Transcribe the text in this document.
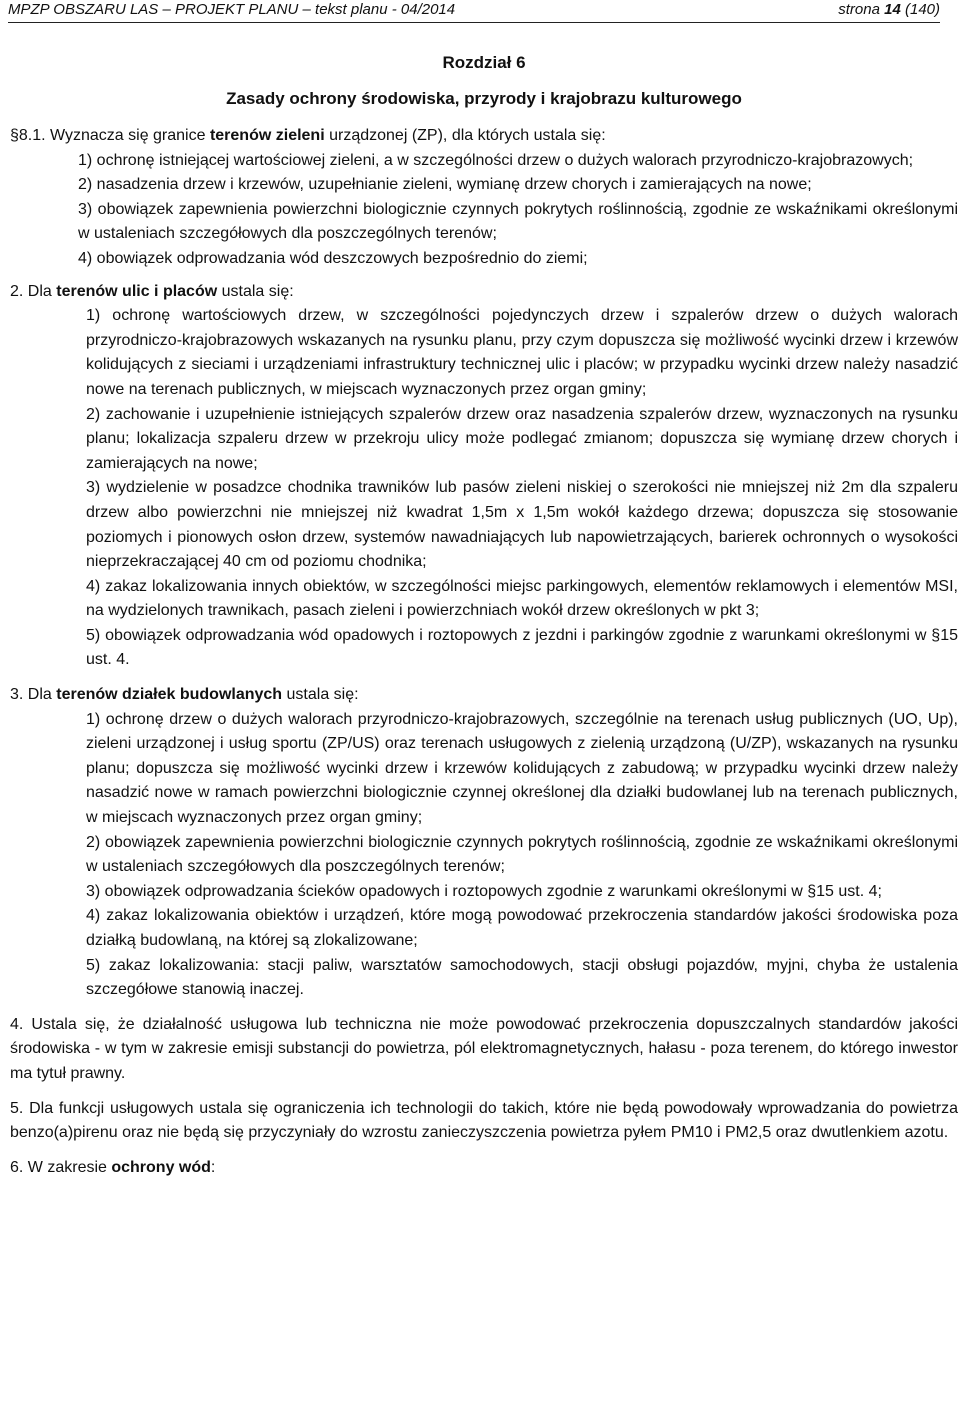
MPZP OBSZARU LAS – PROJEKT PLANU – tekst planu - 04/2014	strona 14 (140)
Rozdział 6
Zasady ochrony środowiska, przyrody i krajobrazu kulturowego

§8.1. Wyznacza się granice terenów zieleni urządzonej (ZP), dla których ustala się:

1) ochronę istniejącej wartościowej zieleni, a w szczególności drzew o dużych walorach przyrodniczo-krajobrazowych;
2) nasadzenia drzew i krzewów, uzupełnianie zieleni, wymianę drzew chorych i zamierających na nowe;
3) obowiązek zapewnienia powierzchni biologicznie czynnych pokrytych roślinnością, zgodnie ze wskaźnikami określonymi w ustaleniach szczegółowych dla poszczególnych terenów;
4) obowiązek odprowadzania wód deszczowych bezpośrednio do ziemi;

2. Dla terenów ulic i placów ustala się:

1) ochronę wartościowych drzew, w szczególności pojedynczych drzew i szpalerów drzew o dużych walorach przyrodniczo-krajobrazowych wskazanych na rysunku planu, przy czym dopuszcza się możliwość wycinki drzew i krzewów kolidujących z sieciami i urządzeniami infrastruktury technicznej ulic i placów; w przypadku wycinki drzew należy nasadzić nowe na terenach publicznych, w miejscach wyznaczonych przez organ gminy;
2) zachowanie i uzupełnienie istniejących szpalerów drzew oraz nasadzenia szpalerów drzew, wyznaczonych na rysunku planu; lokalizacja szpaleru drzew w przekroju ulicy może podlegać zmianom; dopuszcza się wymianę drzew chorych i zamierających na nowe;
3) wydzielenie w posadzce chodnika trawników lub pasów zieleni niskiej o szerokości nie mniejszej niż 2m dla szpaleru drzew albo powierzchni nie mniejszej niż kwadrat 1,5m x 1,5m wokół każdego drzewa; dopuszcza się stosowanie poziomych i pionowych osłon drzew, systemów nawadniających lub napowietrzających, barierek ochronnych o wysokości nieprzekraczającej 40 cm od poziomu chodnika;
4) zakaz lokalizowania innych obiektów, w szczególności miejsc parkingowych, elementów reklamowych i elementów MSI, na wydzielonych trawnikach, pasach zieleni i powierzchniach wokół drzew określonych w pkt 3;
5) obowiązek odprowadzania wód opadowych i roztopowych z jezdni i parkingów zgodnie z warunkami określonymi w §15 ust. 4.

3. Dla terenów działek budowlanych ustala się:

1) ochronę drzew o dużych walorach przyrodniczo-krajobrazowych, szczególnie na terenach usług publicznych (UO, Up), zieleni urządzonej i usług sportu (ZP/US) oraz terenach usługowych z zielenią urządzoną (U/ZP), wskazanych na rysunku planu; dopuszcza się możliwość wycinki drzew i krzewów kolidujących z zabudową; w przypadku wycinki drzew należy nasadzić nowe w ramach powierzchni biologicznie czynnej określonej dla działki budowlanej lub na terenach publicznych, w miejscach wyznaczonych przez organ gminy;
2) obowiązek zapewnienia powierzchni biologicznie czynnych pokrytych roślinnością, zgodnie ze wskaźnikami określonymi w ustaleniach szczegółowych dla poszczególnych terenów;
3) obowiązek odprowadzania ścieków opadowych i roztopowych zgodnie z warunkami określonymi w §15 ust. 4;
4) zakaz lokalizowania obiektów i urządzeń, które mogą powodować przekroczenia standardów jakości środowiska poza działką budowlaną, na której są zlokalizowane;
5) zakaz lokalizowania: stacji paliw, warsztatów samochodowych, stacji obsługi pojazdów, myjni, chyba że ustalenia szczegółowe stanowią inaczej.

4. Ustala się, że działalność usługowa lub techniczna nie może powodować przekroczenia dopuszczalnych standardów jakości środowiska - w tym w zakresie emisji substancji do powietrza, pól elektromagnetycznych, hałasu - poza terenem, do którego inwestor ma tytuł prawny.

5. Dla funkcji usługowych ustala się ograniczenia ich technologii do takich, które nie będą powodowały wprowadzania do powietrza benzo(a)pirenu oraz nie będą się przyczyniały do wzrostu zanieczyszczenia powietrza pyłem PM10 i PM2,5 oraz dwutlenkiem azotu.

6. W zakresie ochrony wód:
